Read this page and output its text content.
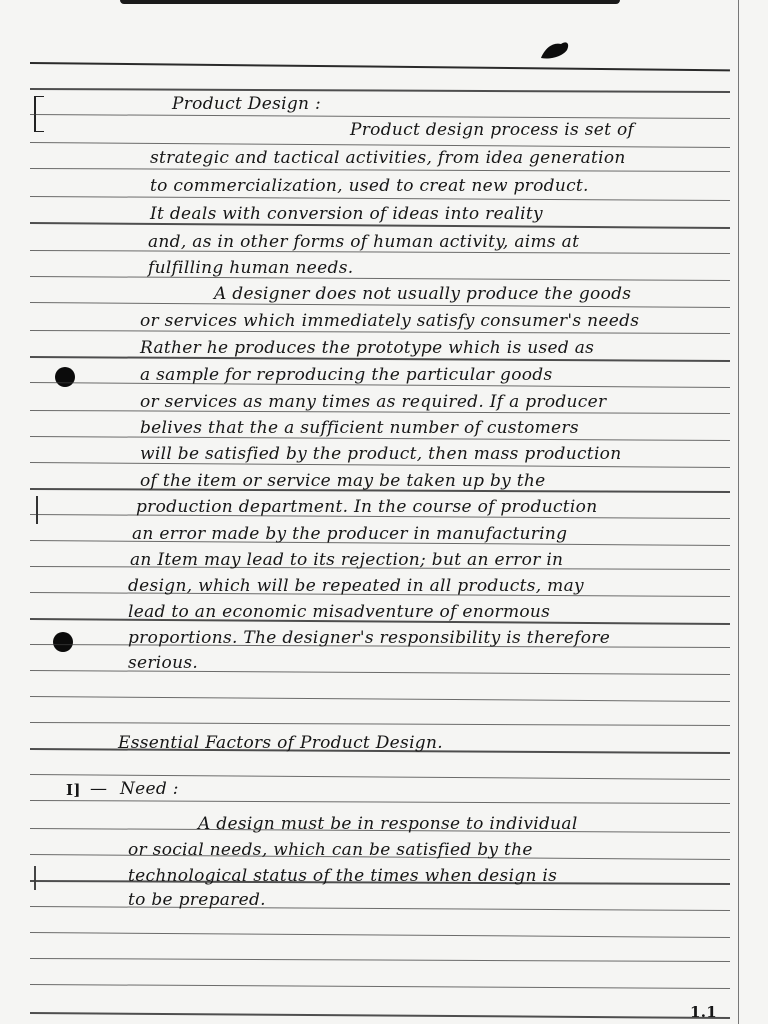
Product Design :

Product design process is set of

strategic and tactical activities, from idea generation

to commercialization, used to creat new product.

It deals with conversion of ideas into reality

and, as in other forms of human activity, aims at

fulfilling human needs.

A designer does not usually produce the goods

or services which immediately satisfy consumer's needs

Rather he produces the prototype which is used as

a sample for reproducing the particular goods

or services as many times as required. If a producer

belives that the a sufficient number of customers

will be satisfied by the product, then mass production

of the item or service may be taken up by the

production department. In the course of production

an error made by the producer in manufacturing

an Item may lead to its rejection; but an error in

design, which will be repeated in all products, may

lead to an economic misadventure of enormous

proportions. The designer's responsibility is therefore

serious.

Essential Factors of Product Design.

I] — Need :

A design must be in response to individual

or social needs, which can be satisfied by the

technological status of the times when design is

to be prepared.

1.1
